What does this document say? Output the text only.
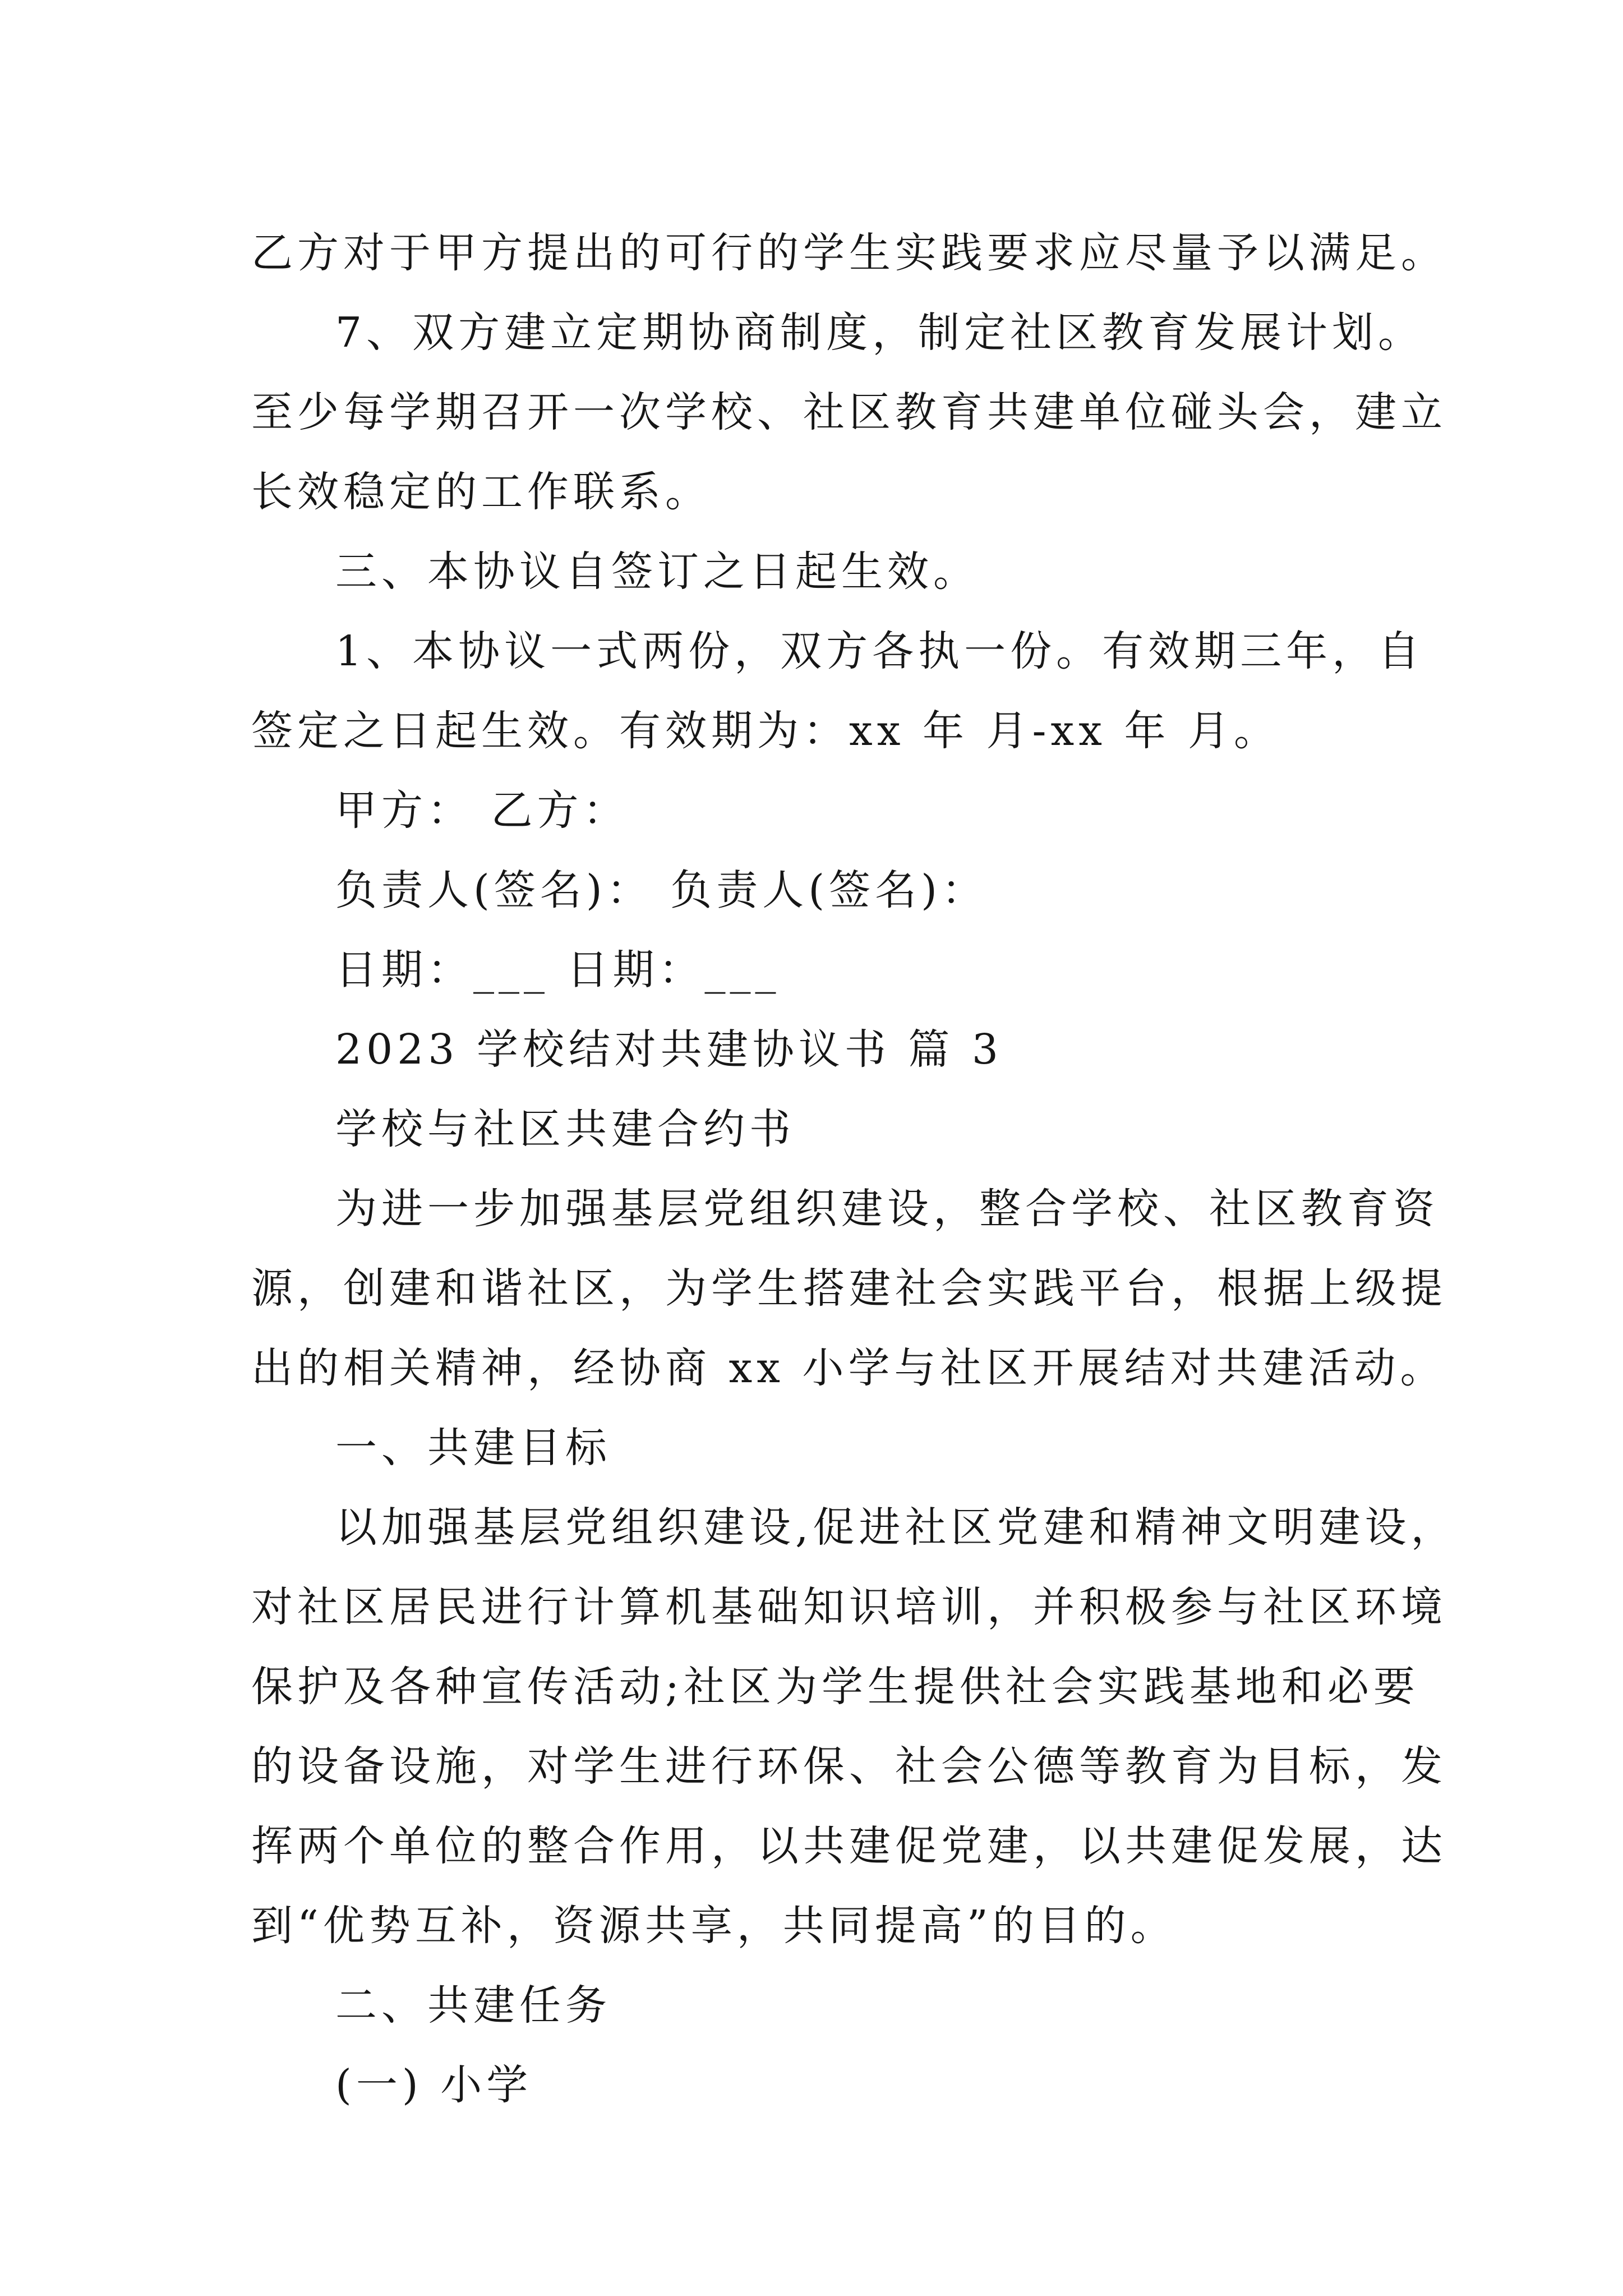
乙方对于甲方提出的可行的学生实践要求应尽量予以满足。
7、双方建立定期协商制度，制定社区教育发展计划。
至少每学期召开一次学校、社区教育共建单位碰头会，建立
长效稳定的工作联系。
三、本协议自签订之日起生效。
1、本协议一式两份，双方各执一份。有效期三年，自
签定之日起生效。有效期为：xx 年 月-xx 年 月。
甲方： 乙方：
负责人(签名)： 负责人(签名)：
日期：___ 日期：___
2023 学校结对共建协议书 篇 3
学校与社区共建合约书
为进一步加强基层党组织建设，整合学校、社区教育资
源，创建和谐社区，为学生搭建社会实践平台，根据上级提
出的相关精神，经协商 xx 小学与社区开展结对共建活动。
一、共建目标
以加强基层党组织建设,促进社区党建和精神文明建设，
对社区居民进行计算机基础知识培训，并积极参与社区环境
保护及各种宣传活动;社区为学生提供社会实践基地和必要
的设备设施，对学生进行环保、社会公德等教育为目标，发
挥两个单位的整合作用，以共建促党建，以共建促发展，达
到“优势互补，资源共享，共同提高”的目的。
二、共建任务
(一) 小学
